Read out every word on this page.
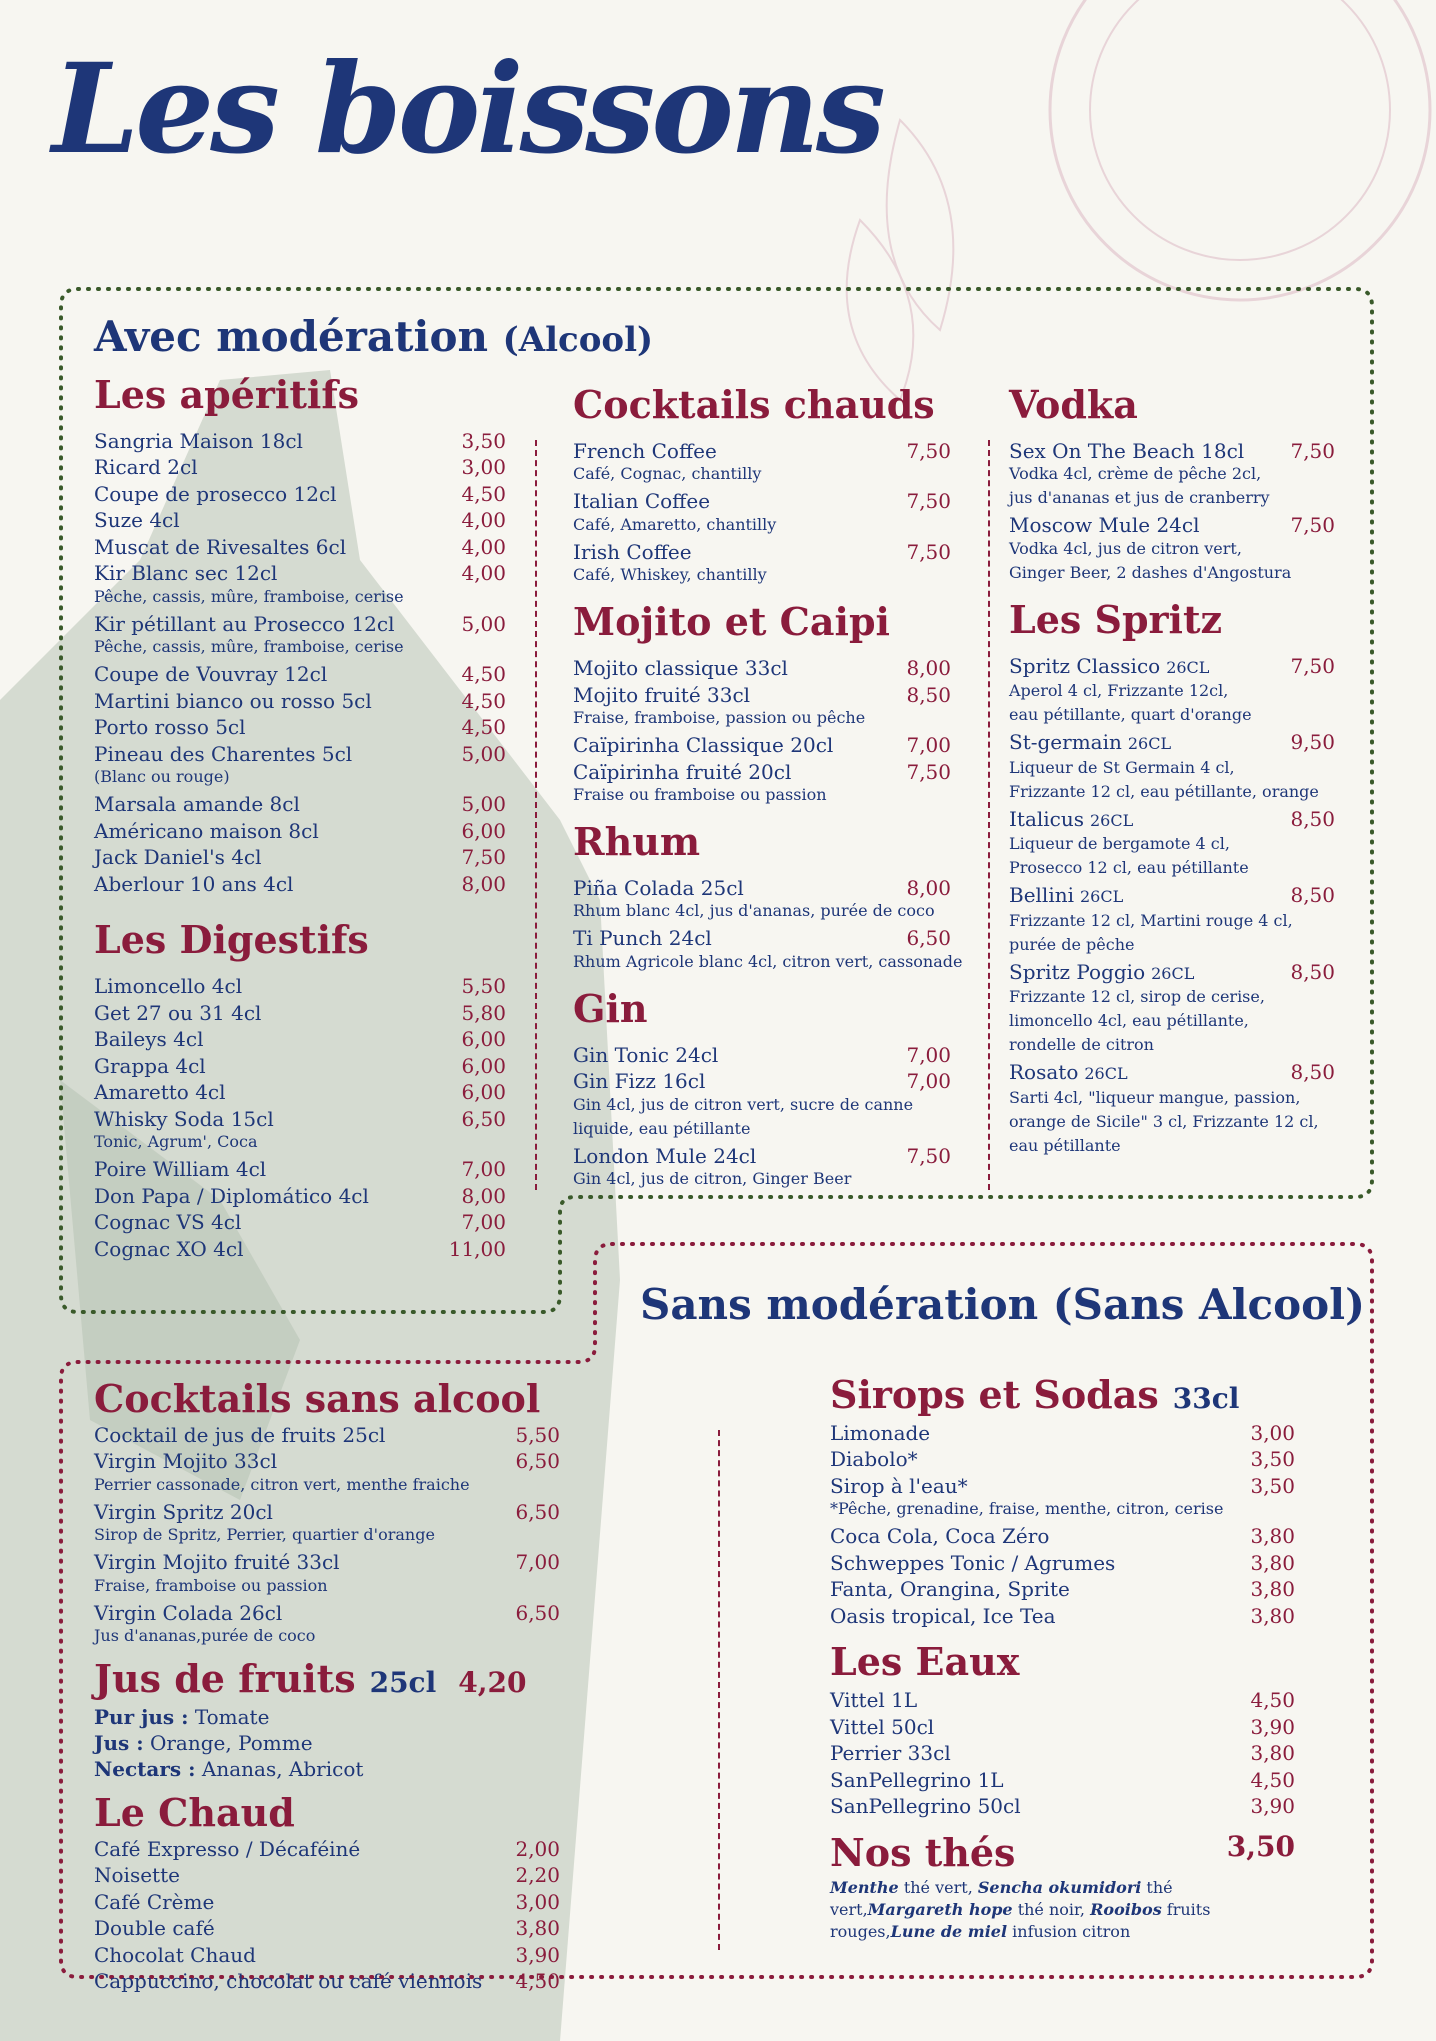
Les boissons
Avec modération (Alcool)
Les apéritifs
Sangria Maison 18cl	3,50
Ricard 2cl	3,00
Coupe de prosecco 12cl	4,50
Suze 4cl	4,00
Muscat de Rivesaltes 6cl	4,00
Kir Blanc sec 12cl	4,00
Pêche, cassis, mûre, framboise, cerise
Kir pétillant au Prosecco 12cl	5,00
Pêche, cassis, mûre, framboise, cerise
Coupe de Vouvray 12cl	4,50
Martini bianco ou rosso 5cl	4,50
Porto rosso 5cl	4,50
Pineau des Charentes 5cl	5,00
(Blanc ou rouge)
Marsala amande 8cl	5,00
Américano maison 8cl	6,00
Jack Daniel's 4cl	7,50
Aberlour 10 ans 4cl	8,00
Les Digestifs
Limoncello 4cl	5,50
Get 27 ou 31 4cl	5,80
Baileys 4cl	6,00
Grappa 4cl	6,00
Amaretto 4cl	6,00
Whisky Soda 15cl	6,50
Tonic, Agrum', Coca
Poire William 4cl	7,00
Don Papa / Diplomático 4cl	8,00
Cognac VS 4cl	7,00
Cognac XO 4cl	11,00
Cocktails chauds
French Coffee	7,50
Café, Cognac, chantilly
Italian Coffee	7,50
Café, Amaretto, chantilly
Irish Coffee	7,50
Café, Whiskey, chantilly
Mojito et Caipi
Mojito classique 33cl	8,00
Mojito fruité 33cl	8,50
Fraise, framboise, passion ou pêche
Caïpirinha Classique 20cl	7,00
Caïpirinha fruité 20cl	7,50
Fraise ou framboise ou passion
Rhum
Piña Colada 25cl	8,00
Rhum blanc 4cl, jus d'ananas, purée de coco
Ti Punch 24cl	6,50
Rhum Agricole blanc 4cl, citron vert, cassonade
Gin
Gin Tonic 24cl	7,00
Gin Fizz 16cl	7,00
Gin 4cl, jus de citron vert, sucre de canne
liquide, eau pétillante
London Mule 24cl	7,50
Gin 4cl, jus de citron, Ginger Beer
Vodka
Sex On The Beach 18cl 7,50
Vodka 4cl, crème de pêche 2cl,
jus d'ananas et jus de cranberry
Moscow Mule 24cl	7,50
Vodka 4cl, jus de citron vert,
Ginger Beer, 2 dashes d'Angostura
Les Spritz
Spritz Classico 26CL	7,50
Aperol 4 cl, Frizzante 12cl,
eau pétillante, quart d'orange
St-germain 26CL	9,50
Liqueur de St Germain 4 cl,
Frizzante 12 cl, eau pétillante, orange
Italicus 26CL	8,50
Liqueur de bergamote 4 cl,
Prosecco 12 cl, eau pétillante
Bellini 26CL	8,50
Frizzante 12 cl, Martini rouge 4 cl,
purée de pêche
Spritz Poggio 26CL	8,50
Frizzante 12 cl, sirop de cerise,
limoncello 4cl, eau pétillante,
rondelle de citron
Rosato 26CL	8,50
Sarti 4cl, "liqueur mangue, passion,
orange de Sicile" 3 cl, Frizzante 12 cl,
eau pétillante
Sans modération (Sans Alcool)
Cocktails sans alcool
Cocktail de jus de fruits 25cl	5,50
Virgin Mojito 33cl	6,50
Perrier cassonade, citron vert, menthe fraiche
Virgin Spritz 20cl	6,50
Sirop de Spritz, Perrier, quartier d'orange
Virgin Mojito fruité 33cl	7,00
Fraise, framboise ou passion
Virgin Colada 26cl	6,50
Jus d'ananas,purée de coco
Jus de fruits 25cl 4,20
Pur jus : Tomate
Jus : Orange, Pomme
Nectars : Ananas, Abricot
Le Chaud
Café Expresso / Décaféiné	2,00
Noisette	2,20
Café Crème	3,00
Double café	3,80
Chocolat Chaud	3,90
Cappuccino, chocolat ou café viennois 4,50
Sirops et Sodas 33cl
Limonade	3,00
Diabolo*	3,50
Sirop à l'eau*	3,50
*Pêche, grenadine, fraise, menthe, citron, cerise
Coca Cola, Coca Zéro	3,80
Schweppes Tonic / Agrumes	3,80
Fanta, Orangina, Sprite	3,80
Oasis tropical, Ice Tea	3,80
Les Eaux
Vittel 1L	4,50
Vittel 50cl	3,90
Perrier 33cl	3,80
SanPellegrino 1L	4,50
SanPellegrino 50cl	3,90
Nos thés	3,50
Menthe thé vert, Sencha okumidori thé vert,Margareth hope thé noir, Rooibos fruits rouges,Lune de miel infusion citron
